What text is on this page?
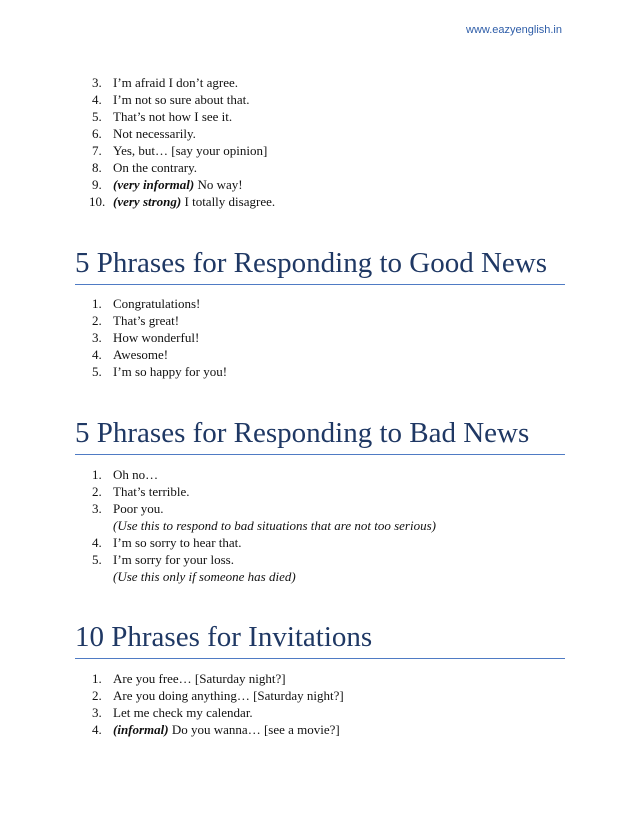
www.eazyenglish.in
3. I’m afraid I don’t agree.
4. I’m not so sure about that.
5. That’s not how I see it.
6. Not necessarily.
7. Yes, but… [say your opinion]
8. On the contrary.
9. (very informal) No way!
10. (very strong) I totally disagree.
5 Phrases for Responding to Good News
1. Congratulations!
2. That’s great!
3. How wonderful!
4. Awesome!
5. I’m so happy for you!
5 Phrases for Responding to Bad News
1. Oh no…
2. That’s terrible.
3. Poor you.
(Use this to respond to bad situations that are not too serious)
4. I’m so sorry to hear that.
5. I’m sorry for your loss.
(Use this only if someone has died)
10 Phrases for Invitations
1. Are you free… [Saturday night?]
2. Are you doing anything… [Saturday night?]
3. Let me check my calendar.
4. (informal) Do you wanna… [see a movie?]
